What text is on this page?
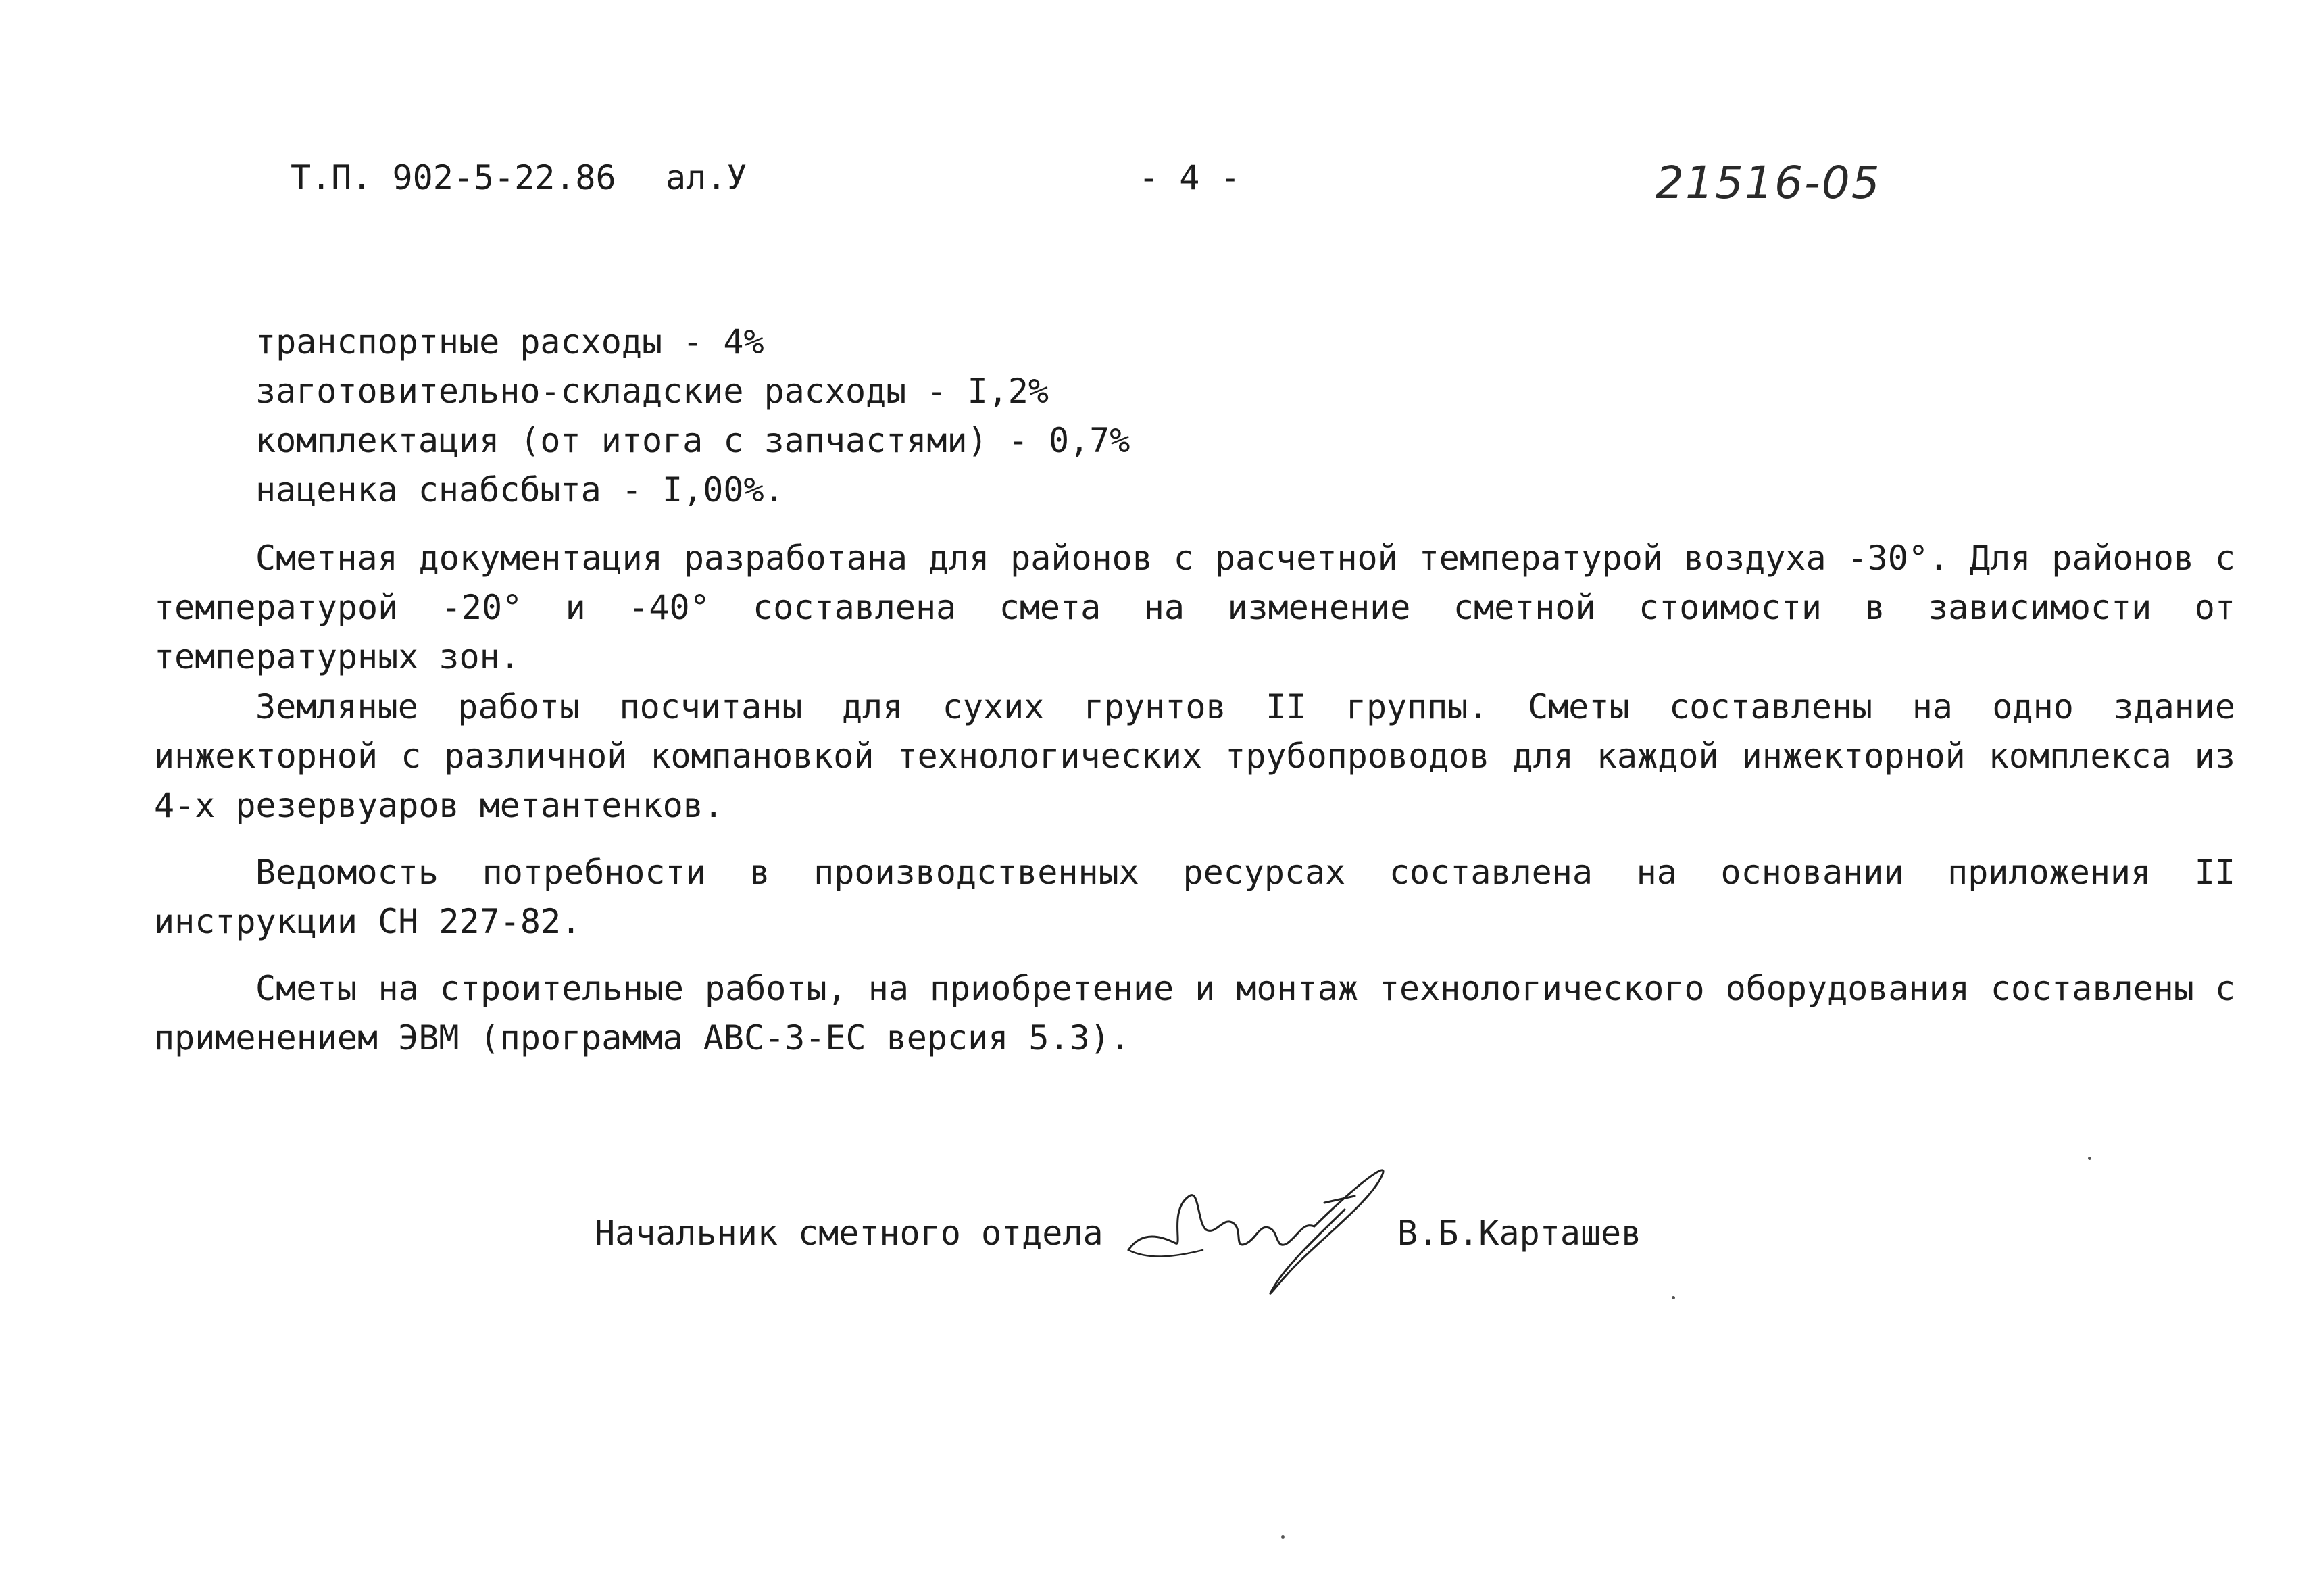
Т.П. 902-5-22.86 ал.У	- 4 -	21516-05
транспортные расходы - 4%
заготовительно-складские расходы - I,2%
комплектация (от итога с запчастями) - 0,7%
наценка снабсбыта - I,00%.

Сметная документация разработана для районов с расчетной температурой воздуха -30°. Для районов с температурой -20° и -40° составлена смета на изменение сметной стоимости в зависимости от температурных зон.

Земляные работы посчитаны для сухих грунтов II группы. Сметы составлены на одно здание инжекторной с различной компановкой технологических трубопроводов для каждой инжекторной комплекса из 4-х резервуаров метантенков.

Ведомость потребности в производственных ресурсах составлена на основании приложения II инструкции СН 227-82.

Сметы на строительные работы, на приобретение и монтаж технологического оборудования составлены с применением ЭВМ (программа АВС-3-ЕС версия 5.3).

Начальник сметного отдела	В.Б.Карташев
